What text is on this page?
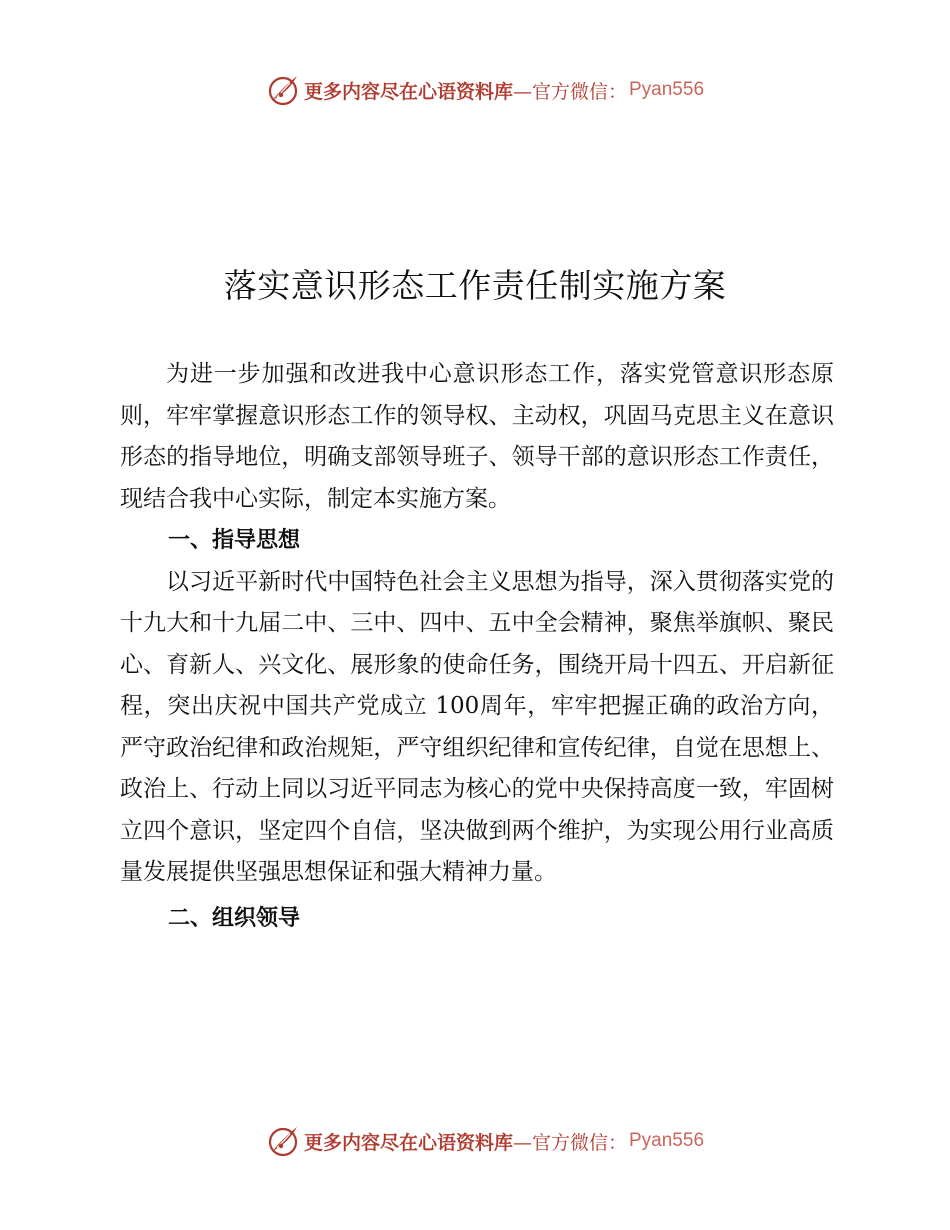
更多内容尽在心语资料库 —官方微信： Pyan556
落实意识形态工作责任制实施方案

为进一步加强和改进我中心意识形态工作，落实党管意识形态原则，牢牢掌握意识形态工作的领导权、主动权，巩固马克思主义在意识形态的指导地位，明确支部领导班子、领导干部的意识形态工作责任，现结合我中心实际，制定本实施方案。

一、指导思想

以习近平新时代中国特色社会主义思想为指导，深入贯彻落实党的十九大和十九届二中、三中、四中、五中全会精神，聚焦举旗帜、聚民心、育新人、兴文化、展形象的使命任务，围绕开局十四五、开启新征程，突出庆祝中国共产党成立 100周年，牢牢把握正确的政治方向，严守政治纪律和政治规矩，严守组织纪律和宣传纪律，自觉在思想上、政治上、行动上同以习近平同志为核心的党中央保持高度一致，牢固树立四个意识，坚定四个自信，坚决做到两个维护，为实现公用行业高质量发展提供坚强思想保证和强大精神力量。

二、组织领导

更多内容尽在心语资料库 —官方微信： Pyan556
